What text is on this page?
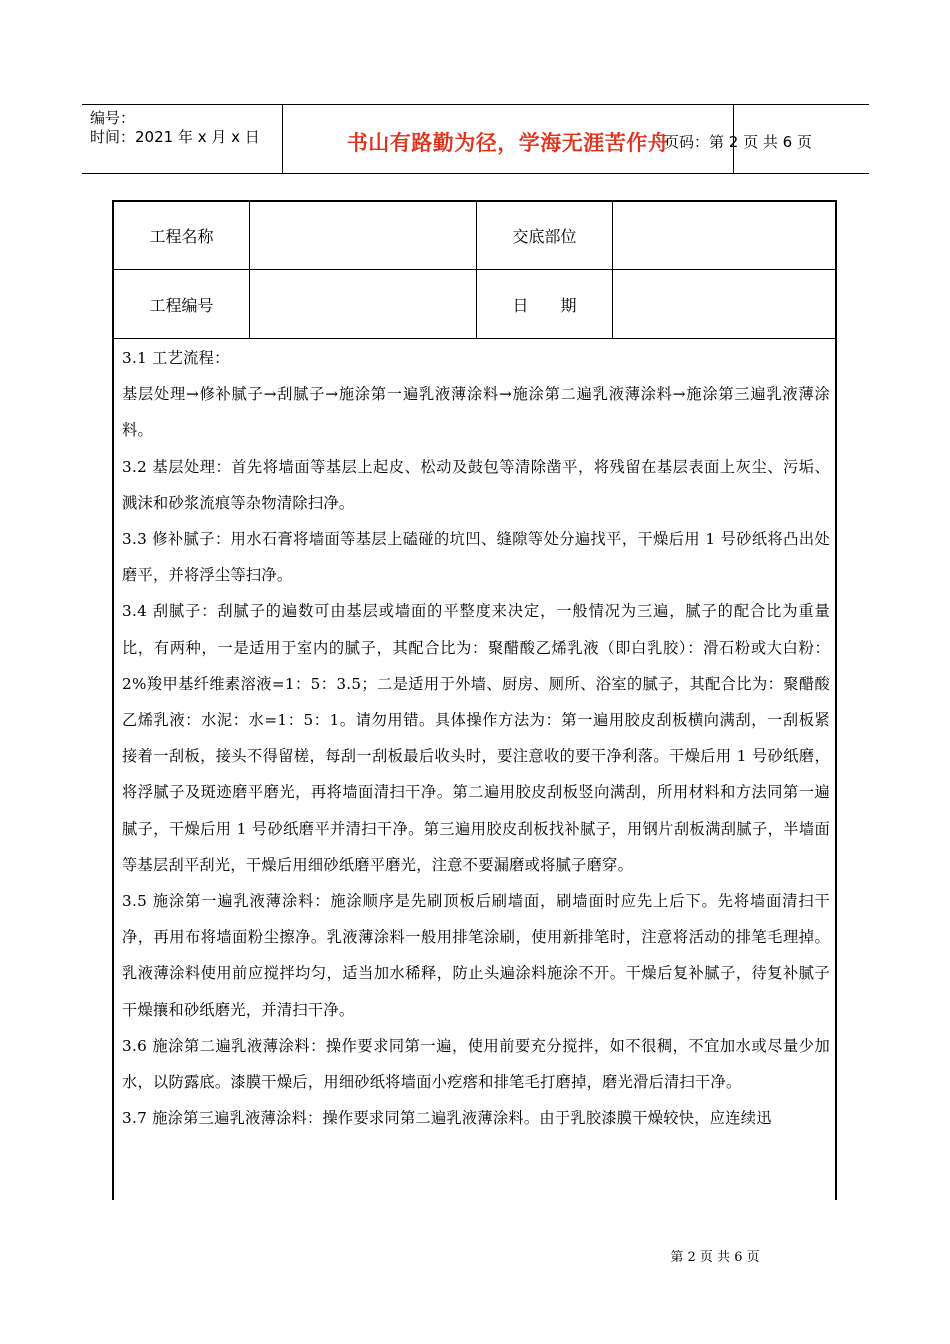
编号：
时间：2021 年 x 月 x 日	书山有路勤为径，学海无涯苦作舟
页码：第 2 页 共 6 页
工程名称	交底部位
工程编号	日　　期

3.1 工艺流程：

基层处理→修补腻子→刮腻子→施涂第一遍乳液薄涂料→施涂第二遍乳液薄涂料→施涂第三遍乳液薄涂料。

3.2 基层处理：首先将墙面等基层上起皮、松动及鼓包等清除凿平，将残留在基层表面上灰尘、污垢、溅沫和砂浆流痕等杂物清除扫净。

3.3 修补腻子：用水石膏将墙面等基层上磕碰的坑凹、缝隙等处分遍找平，干燥后用 1 号砂纸将凸出处磨平，并将浮尘等扫净。

3.4 刮腻子：刮腻子的遍数可由基层或墙面的平整度来决定，一般情况为三遍，腻子的配合比为重量比，有两种，一是适用于室内的腻子，其配合比为：聚醋酸乙烯乳液（即白乳胶）：滑石粉或大白粉：2%羧甲基纤维素溶液=1：5：3.5；二是适用于外墙、厨房、厕所、浴室的腻子，其配合比为：聚醋酸乙烯乳液：水泥：水=1：5：1。请勿用错。具体操作方法为：第一遍用胶皮刮板横向满刮，一刮板紧接着一刮板，接头不得留槎，每刮一刮板最后收头时，要注意收的要干净利落。干燥后用 1 号砂纸磨，将浮腻子及斑迹磨平磨光，再将墙面清扫干净。第二遍用胶皮刮板竖向满刮，所用材料和方法同第一遍腻子，干燥后用 1 号砂纸磨平并清扫干净。第三遍用胶皮刮板找补腻子，用钢片刮板满刮腻子，半墙面等基层刮平刮光，干燥后用细砂纸磨平磨光，注意不要漏磨或将腻子磨穿。

3.5 施涂第一遍乳液薄涂料：施涂顺序是先刷顶板后刷墙面，刷墙面时应先上后下。先将墙面清扫干净，再用布将墙面粉尘擦净。乳液薄涂料一般用排笔涂刷，使用新排笔时，注意将活动的排笔毛理掉。乳液薄涂料使用前应搅拌均匀，适当加水稀释，防止头遍涂料施涂不开。干燥后复补腻子，待复补腻子干燥攘和砂纸磨光，并清扫干净。

3.6 施涂第二遍乳液薄涂料：操作要求同第一遍，使用前要充分搅拌，如不很稠，不宜加水或尽量少加水，以防露底。漆膜干燥后，用细砂纸将墙面小疙瘩和排笔毛打磨掉，磨光滑后清扫干净。

3.7 施涂第三遍乳液薄涂料：操作要求同第二遍乳液薄涂料。由于乳胶漆膜干燥较快，应连续迅

第 2 页 共 6 页
